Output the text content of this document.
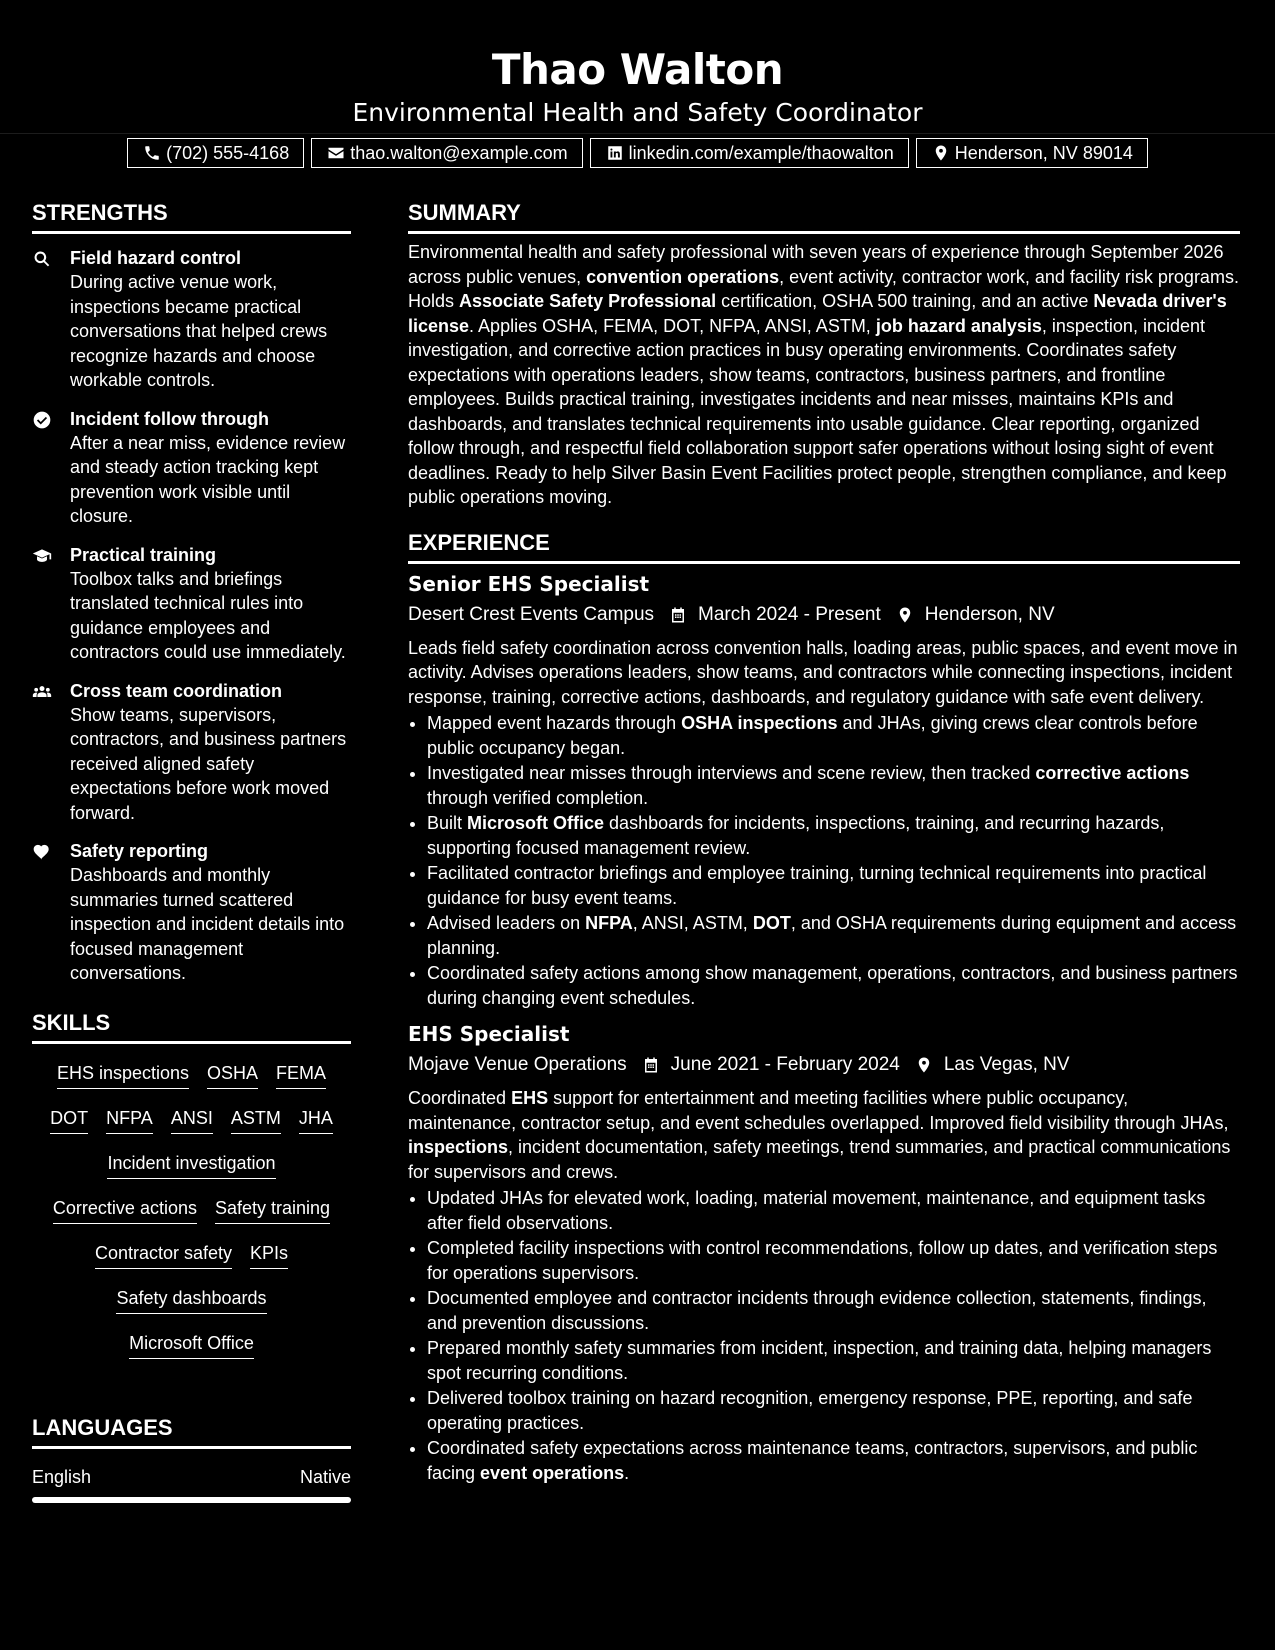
Thao Walton
Environmental Health and Safety Coordinator
(702) 555-4168	thao.walton@example.com	linkedin.com/example/thaowalton	Henderson, NV 89014
STRENGTHS
Field hazard control
During active venue work, inspections became practical conversations that helped crews recognize hazards and choose workable controls.
Incident follow through
After a near miss, evidence review and steady action tracking kept prevention work visible until closure.
Practical training
Toolbox talks and briefings translated technical rules into guidance employees and contractors could use immediately.
Cross team coordination
Show teams, supervisors, contractors, and business partners received aligned safety expectations before work moved forward.
Safety reporting
Dashboards and monthly summaries turned scattered inspection and incident details into focused management conversations.
SKILLS
EHS inspections OSHA FEMA
DOT NFPA ANSI ASTM JHA
Incident investigation
Corrective actions Safety training
Contractor safety KPIs
Safety dashboards
Microsoft Office
LANGUAGES
English	Native
SUMMARY
Environmental health and safety professional with seven years of experience through September 2026 across public venues, convention operations, event activity, contractor work, and facility risk programs. Holds Associate Safety Professional certification, OSHA 500 training, and an active Nevada driver's license. Applies OSHA, FEMA, DOT, NFPA, ANSI, ASTM, job hazard analysis, inspection, incident investigation, and corrective action practices in busy operating environments. Coordinates safety expectations with operations leaders, show teams, contractors, business partners, and frontline employees. Builds practical training, investigates incidents and near misses, maintains KPIs and dashboards, and translates technical requirements into usable guidance. Clear reporting, organized follow through, and respectful field collaboration support safer operations without losing sight of event deadlines. Ready to help Silver Basin Event Facilities protect people, strengthen compliance, and keep public operations moving.
EXPERIENCE
Senior EHS Specialist
Desert Crest Events Campus March 2024 - Present Henderson, NV
Leads field safety coordination across convention halls, loading areas, public spaces, and event move in activity. Advises operations leaders, show teams, and contractors while connecting inspections, incident response, training, corrective actions, dashboards, and regulatory guidance with safe event delivery.
• Mapped event hazards through OSHA inspections and JHAs, giving crews clear controls before public occupancy began.
• Investigated near misses through interviews and scene review, then tracked corrective actions through verified completion.
• Built Microsoft Office dashboards for incidents, inspections, training, and recurring hazards, supporting focused management review.
• Facilitated contractor briefings and employee training, turning technical requirements into practical guidance for busy event teams.
• Advised leaders on NFPA, ANSI, ASTM, DOT, and OSHA requirements during equipment and access planning.
• Coordinated safety actions among show management, operations, contractors, and business partners during changing event schedules.
EHS Specialist
Mojave Venue Operations June 2021 - February 2024 Las Vegas, NV
Coordinated EHS support for entertainment and meeting facilities where public occupancy, maintenance, contractor setup, and event schedules overlapped. Improved field visibility through JHAs, inspections, incident documentation, safety meetings, trend summaries, and practical communications for supervisors and crews.
• Updated JHAs for elevated work, loading, material movement, maintenance, and equipment tasks after field observations.
• Completed facility inspections with control recommendations, follow up dates, and verification steps for operations supervisors.
• Documented employee and contractor incidents through evidence collection, statements, findings, and prevention discussions.
• Prepared monthly safety summaries from incident, inspection, and training data, helping managers spot recurring conditions.
• Delivered toolbox training on hazard recognition, emergency response, PPE, reporting, and safe operating practices.
• Coordinated safety expectations across maintenance teams, contractors, supervisors, and public facing event operations.
